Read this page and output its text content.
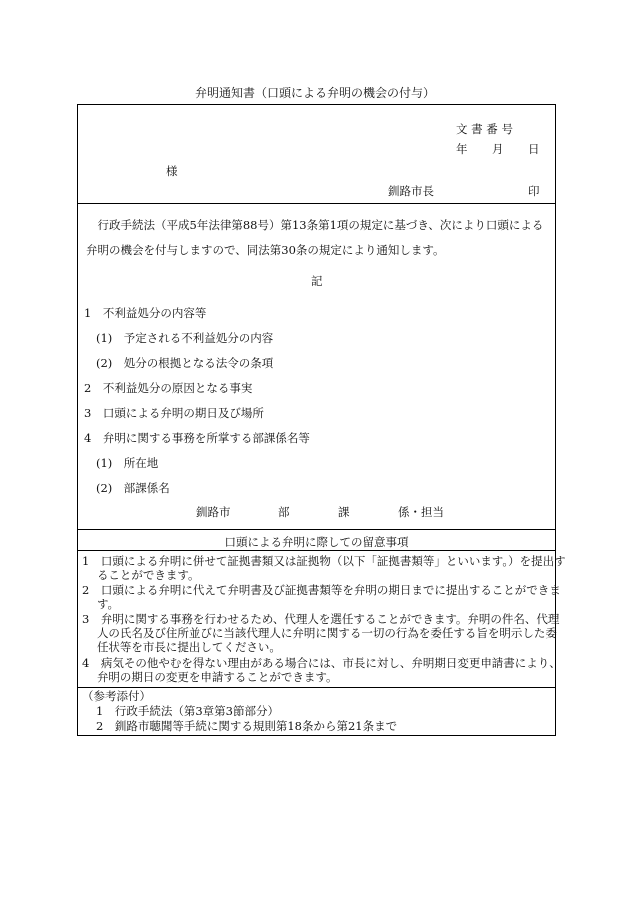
弁明通知書（口頭による弁明の機会の付与）
文 書 番 号
年 月 日
様
釧路市長	印
行政手続法（平成5年法律第88号）第13条第1項の規定に基づき、次により口頭による弁明の機会を付与しますので、同法第30条の規定により通知します。
記
1　不利益処分の内容等
(1)　予定される不利益処分の内容
(2)　処分の根拠となる法令の条項
2　不利益処分の原因となる事実
3　口頭による弁明の期日及び場所
4　弁明に関する事務を所掌する部課係名等
(1)　所在地
(2)　部課係名
釧路市	部	課	係・担当
口頭による弁明に際しての留意事項
1　口頭による弁明に併せて証拠書類又は証拠物（以下「証拠書類等」といいます。）を提出することができます。
2　口頭による弁明に代えて弁明書及び証拠書類等を弁明の期日までに提出することができます。
3　弁明に関する事務を行わせるため、代理人を選任することができます。弁明の件名、代理人の氏名及び住所並びに当該代理人に弁明に関する一切の行為を委任する旨を明示した委任状等を市長に提出してください。
4　病気その他やむを得ない理由がある場合には、市長に対し、弁明期日変更申請書により、弁明の期日の変更を申請することができます。
（参考添付）
1　行政手続法（第3章第3節部分）
2　釧路市聴聞等手続に関する規則第18条から第21条まで
